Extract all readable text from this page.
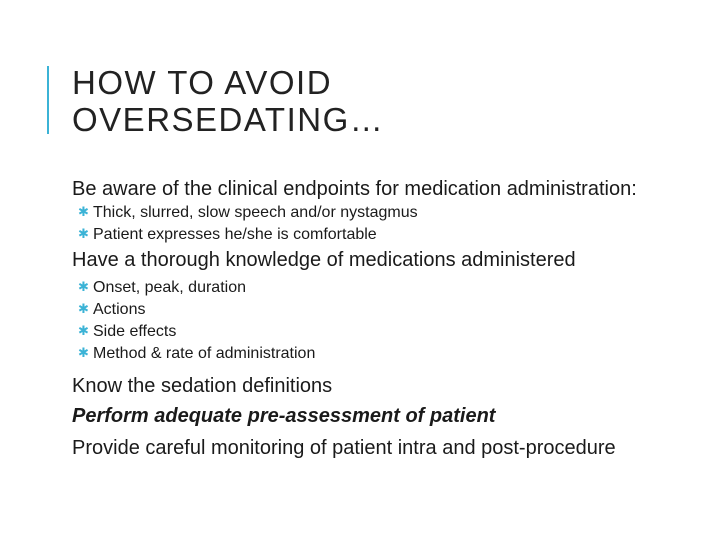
HOW TO AVOID
OVERSEDATING…

Be aware of the clinical endpoints for medication administration:

✱ Thick, slurred, slow speech and/or nystagmus
✱ Patient expresses he/she is comfortable

Have a thorough knowledge of medications administered

✱ Onset, peak, duration
✱ Actions
✱ Side effects
✱ Method & rate of administration

Know the sedation definitions

Perform adequate pre-assessment of patient

Provide careful monitoring of patient intra and post-procedure
